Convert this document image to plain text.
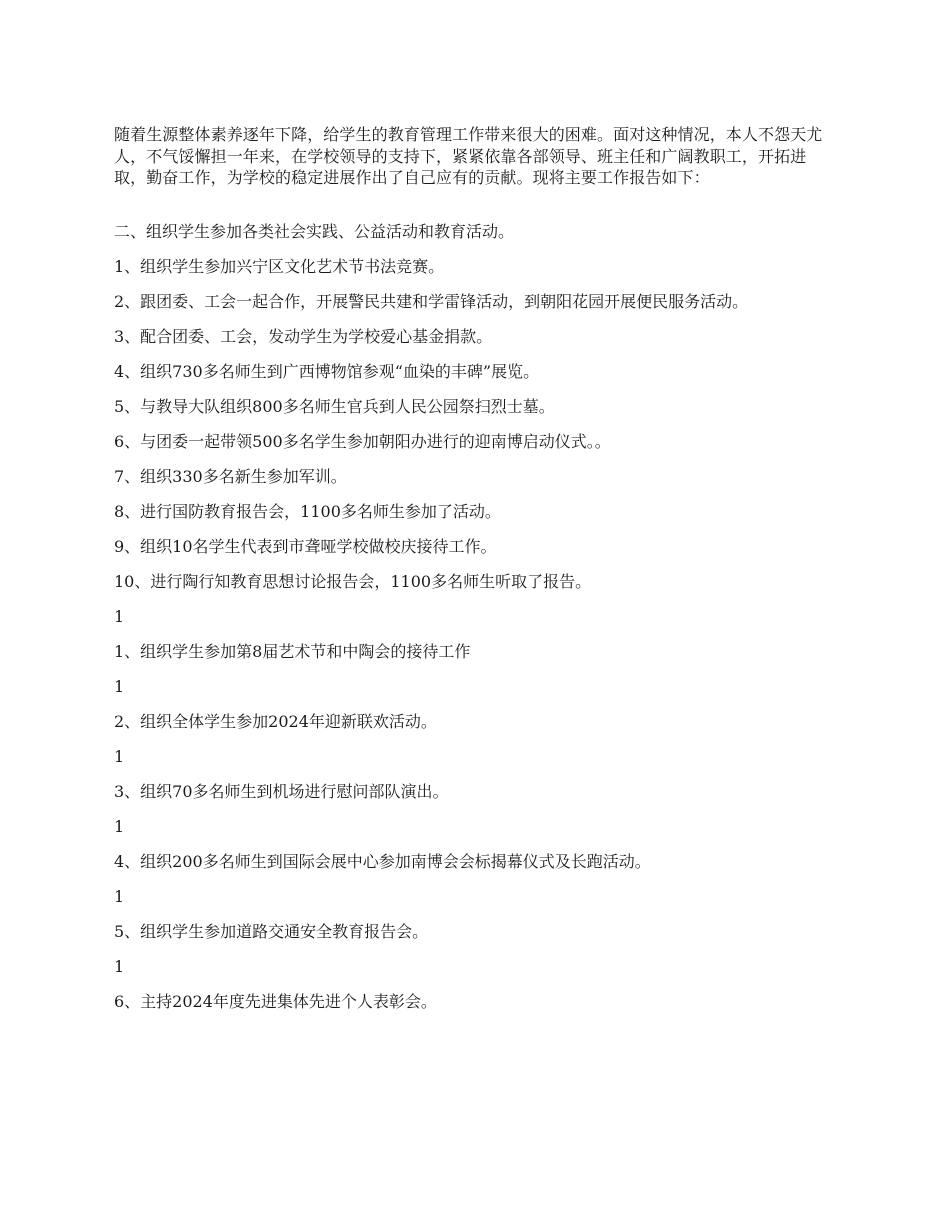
随着生源整体素养逐年下降，给学生的教育管理工作带来很大的困难。面对这种情况，本人不怨天尤人，不气馁懈担一年来，在学校领导的支持下，紧紧依靠各部领导、班主任和广阔教职工，开拓进取，勤奋工作，为学校的稳定进展作出了自己应有的贡献。现将主要工作报告如下：

二、组织学生参加各类社会实践、公益活动和教育活动。

1、组织学生参加兴宁区文化艺术节书法竞赛。

2、跟团委、工会一起合作，开展警民共建和学雷锋活动，到朝阳花园开展便民服务活动。

3、配合团委、工会，发动学生为学校爱心基金捐款。

4、组织730多名师生到广西博物馆参观“血染的丰碑”展览。

5、与教导大队组织800多名师生官兵到人民公园祭扫烈士墓。

6、与团委一起带领500多名学生参加朝阳办进行的迎南博启动仪式。。

7、组织330多名新生参加军训。

8、进行国防教育报告会，1100多名师生参加了活动。

9、组织10名学生代表到市聋哑学校做校庆接待工作。

10、进行陶行知教育思想讨论报告会，1100多名师生听取了报告。

1

1、组织学生参加第8届艺术节和中陶会的接待工作

1

2、组织全体学生参加2024年迎新联欢活动。

1

3、组织70多名师生到机场进行慰问部队演出。

1

4、组织200多名师生到国际会展中心参加南博会会标揭幕仪式及长跑活动。

1

5、组织学生参加道路交通安全教育报告会。

1

6、主持2024年度先进集体先进个人表彰会。
